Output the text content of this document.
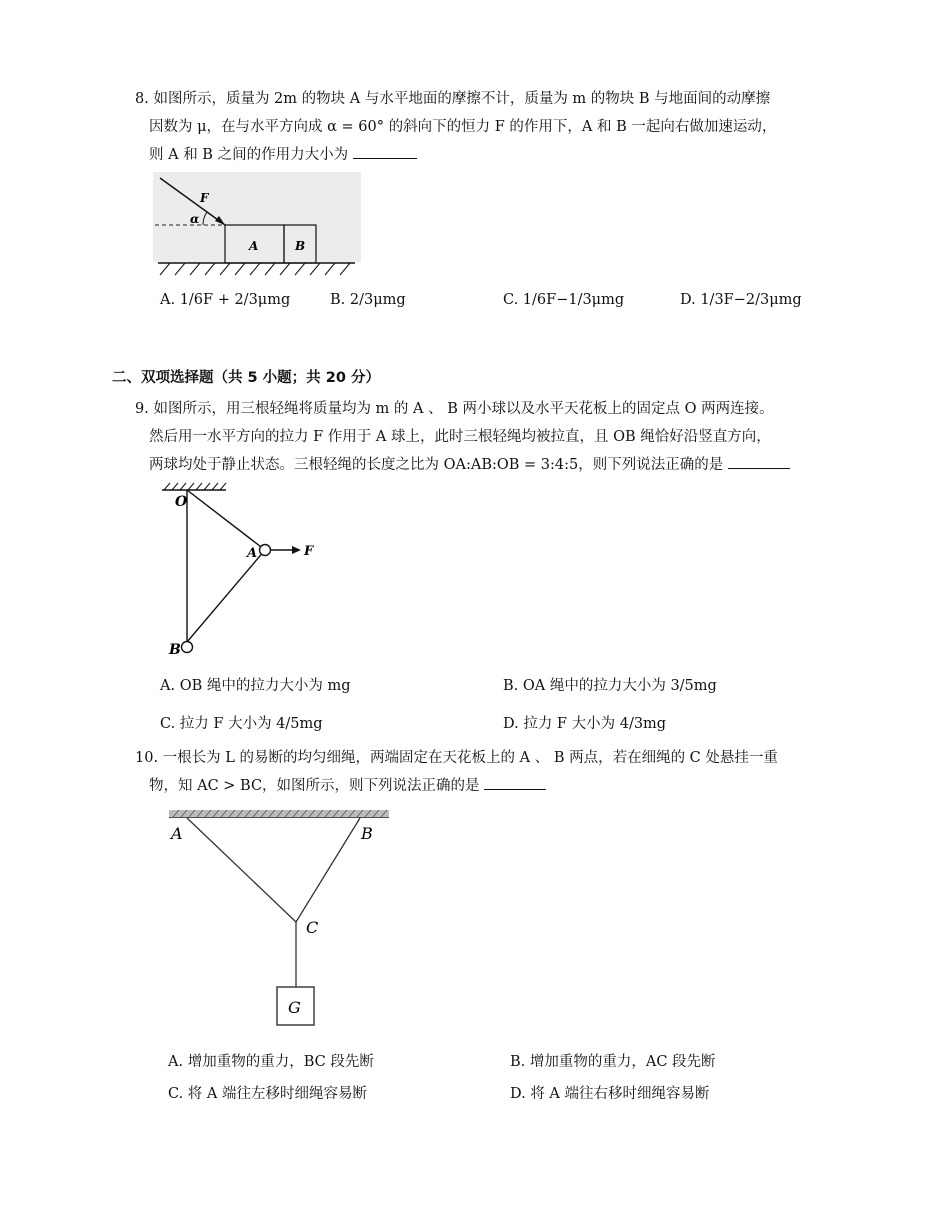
8. 如图所示，质量为 2m 的物块 A 与水平地面的摩擦不计，质量为 m 的物块 B 与地面间的动摩擦
因数为 μ，在与水平方向成 α = 60° 的斜向下的恒力 F 的作用下，A 和 B 一起向右做加速运动，
则 A 和 B 之间的作用力大小为
F
α
A	B
A. 1/6F + 2/3μmg	B. 2/3μmg	C. 1/6F−1/3μmg	D. 1/3F−2/3μmg
二、双项选择题（共 5 小题；共 20 分）
9. 如图所示，用三根轻绳将质量均为 m 的 A 、 B 两小球以及水平天花板上的固定点 O 两两连接。
然后用一水平方向的拉力 F 作用于 A 球上，此时三根轻绳均被拉直，且 OB 绳恰好沿竖直方向，
两球均处于静止状态。三根轻绳的长度之比为 OA:AB:OB = 3:4:5，则下列说法正确的是
O
A
B
F
A. OB 绳中的拉力大小为 mg	B. OA 绳中的拉力大小为 3/5mg
C. 拉力 F 大小为 4/5mg	D. 拉力 F 大小为 4/3mg
10. 一根长为 L 的易断的均匀细绳，两端固定在天花板上的 A 、 B 两点，若在细绳的 C 处悬挂一重
物，知 AC > BC，如图所示，则下列说法正确的是
A	B
C
G
A. 增加重物的重力，BC 段先断	B. 增加重物的重力，AC 段先断
C. 将 A 端往左移时细绳容易断	D. 将 A 端往右移时细绳容易断
